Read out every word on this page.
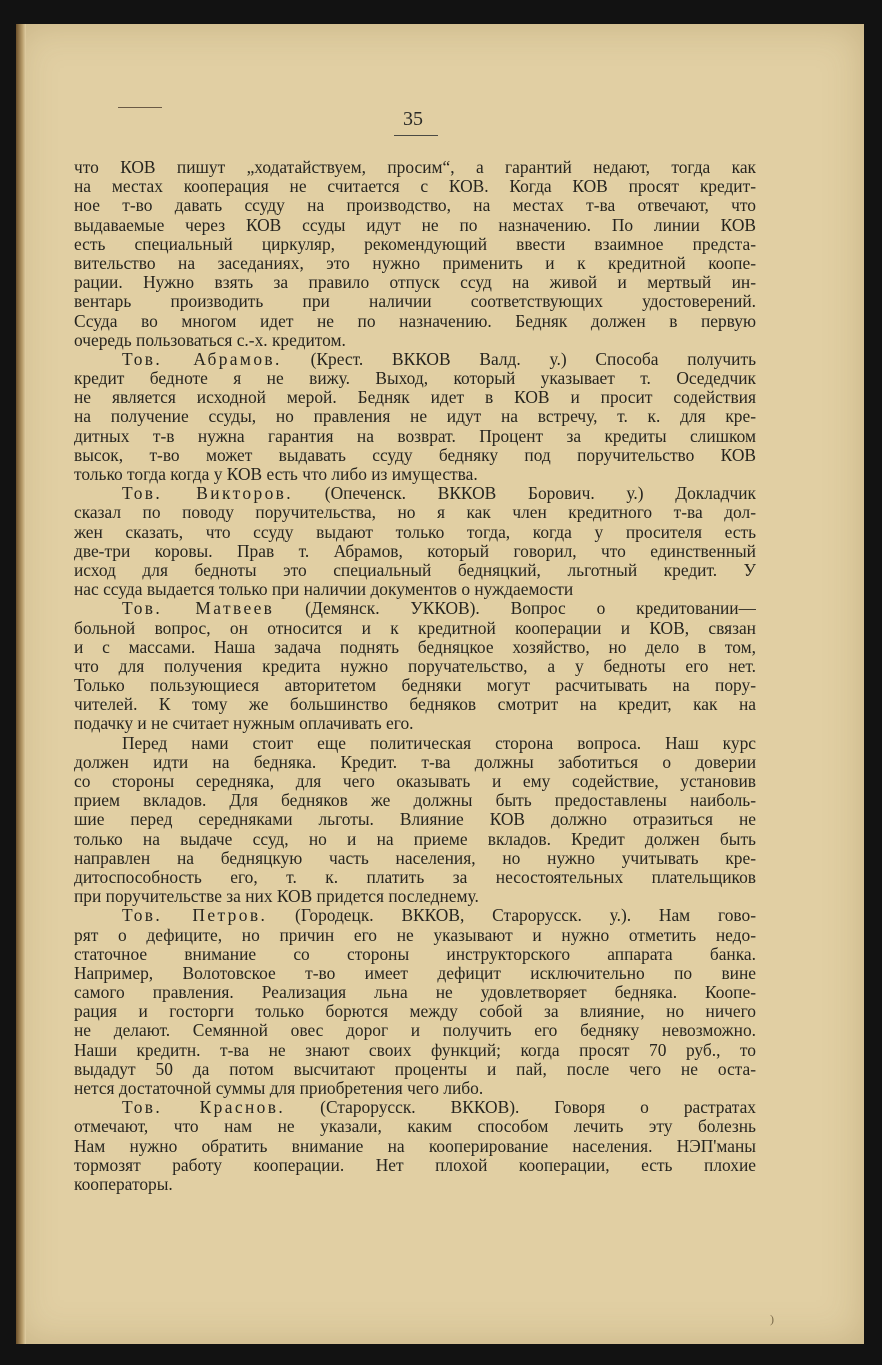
35
что КОВ пишут „ходатайствуем, просим“, а гарантий недают, тогда как
на местах кооперация не считается с КОВ. Когда КОВ просят кредит-
ное т-во давать ссуду на производство, на местах т-ва отвечают, что
выдаваемые через КОВ ссуды идут не по назначению. По линии КОВ
есть специальный циркуляр, рекомендующий ввести взаимное предста-
вительство на заседаниях, это нужно применить и к кредитной коопе-
рации. Нужно взять за правило отпуск ссуд на живой и мертвый ин-
вентарь производить при наличии соответствующих удостоверений.
Ссуда во многом идет не по назначению. Бедняк должен в первую
очередь пользоваться с.-х. кредитом.
Тов. Абрамов. (Крест. ВККОВ Валд. у.) Способа получить
кредит бедноте я не вижу. Выход, который указывает т. Оседедчик
не является исходной мерой. Бедняк идет в КОВ и просит содействия
на получение ссуды, но правления не идут на встречу, т. к. для кре-
дитных т-в нужна гарантия на возврат. Процент за кредиты слишком
высок, т-во может выдавать ссуду бедняку под поручительство КОВ
только тогда когда у КОВ есть что либо из имущества.
Тов. Викторов. (Опеченск. ВККОВ Борович. у.) Докладчик
сказал по поводу поручительства, но я как член кредитного т-ва дол-
жен сказать, что ссуду выдают только тогда, когда у просителя есть
две-три коровы. Прав т. Абрамов, который говорил, что единственный
исход для бедноты это специальный бедняцкий, льготный кредит. У
нас ссуда выдается только при наличии документов о нуждаемости
Тов. Матвеев (Демянск. УККОВ). Вопрос о кредитовании—
больной вопрос, он относится и к кредитной кооперации и КОВ, связан
и с массами. Наша задача поднять бедняцкое хозяйство, но дело в том,
что для получения кредита нужно поручательство, а у бедноты его нет.
Только пользующиеся авторитетом бедняки могут расчитывать на пору-
чителей. К тому же большинство бедняков смотрит на кредит, как на
подачку и не считает нужным оплачивать его.
Перед нами стоит еще политическая сторона вопроса. Наш курс
должен идти на бедняка. Кредит. т-ва должны заботиться о доверии
со стороны середняка, для чего оказывать и ему содействие, установив
прием вкладов. Для бедняков же должны быть предоставлены наиболь-
шие перед середняками льготы. Влияние КОВ должно отразиться не
только на выдаче ссуд, но и на приеме вкладов. Кредит должен быть
направлен на бедняцкую часть населения, но нужно учитывать кре-
дитоспособность его, т. к. платить за несостоятельных плательщиков
при поручительстве за них КОВ придется последнему.
Тов. Петров. (Городецк. ВККОВ, Старорусск. у.). Нам гово-
рят о дефиците, но причин его не указывают и нужно отметить недо-
статочное внимание со стороны инструкторского аппарата банка.
Например, Волотовское т-во имеет дефицит исключительно по вине
самого правления. Реализация льна не удовлетворяет бедняка. Коопе-
рация и госторги только борются между собой за влияние, но ничего
не делают. Семянной овес дорог и получить его бедняку невозможно.
Наши кредитн. т-ва не знают своих функций; когда просят 70 руб., то
выдадут 50 да потом высчитают проценты и пай, после чего не оста-
нется достаточной суммы для приобретения чего либо.
Тов. Краснов. (Старорусск. ВККОВ). Говоря о растратах
отмечают, что нам не указали, каким способом лечить эту болезнь
Нам нужно обратить внимание на кооперирование населения. НЭП'маны
тормозят работу кооперации. Нет плохой кооперации, есть плохие
кооператоры.
)
